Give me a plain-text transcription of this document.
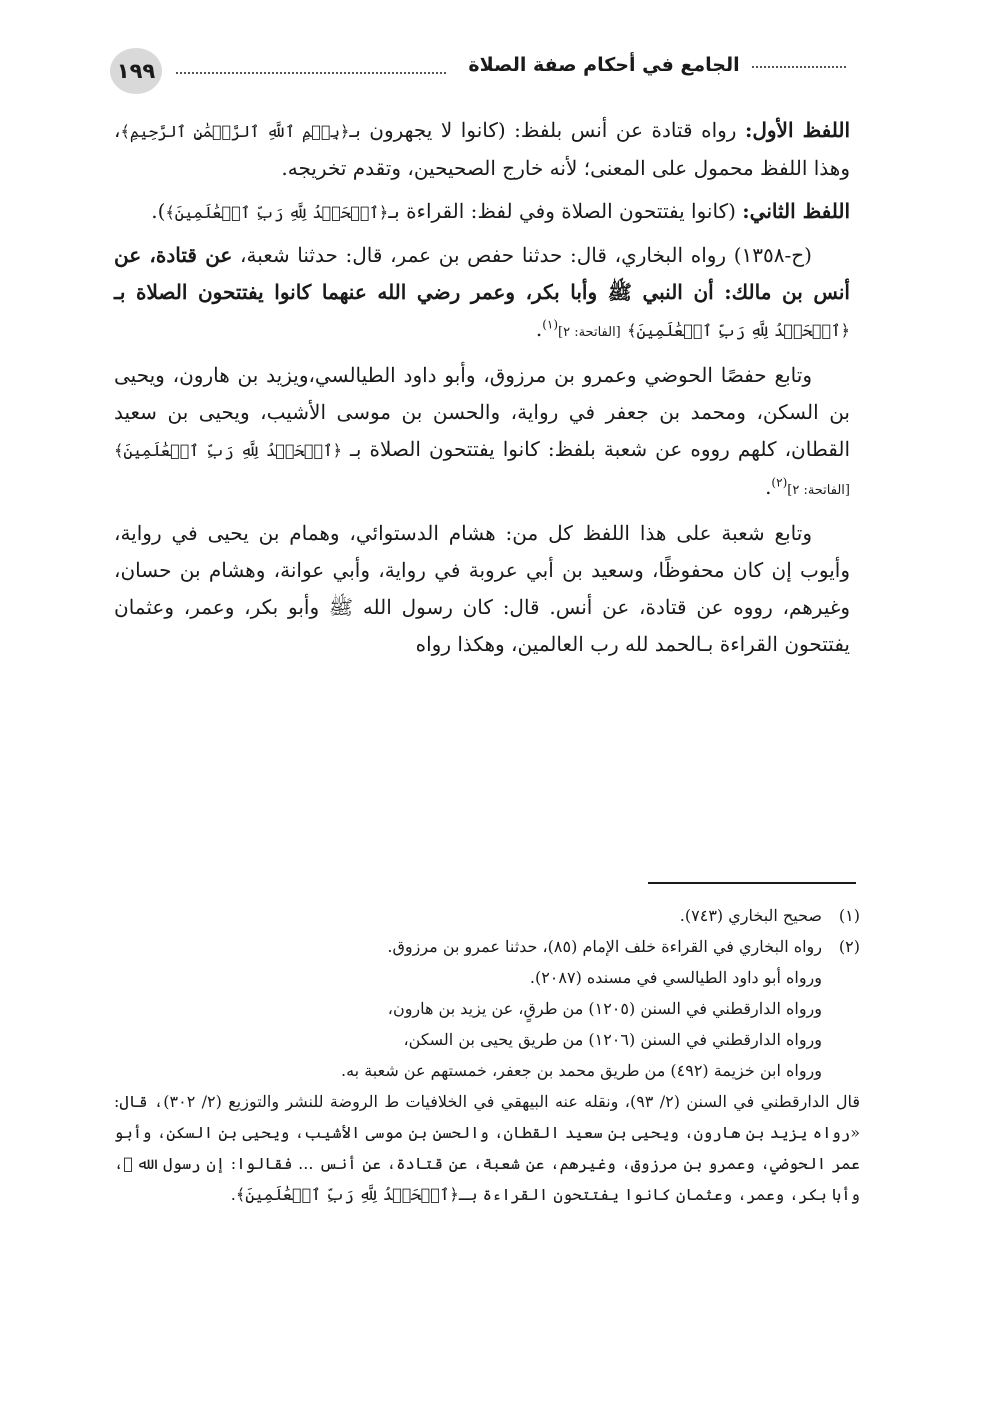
١٩٩	الجامع في أحكام صفة الصلاة

اللفظ الأول: رواه قتادة عن أنس بلفظ: (كانوا لا يجهرون بـ﴿بِسۡمِ ٱللَّهِ ٱلرَّحۡمَٰنِ ٱلرَّحِيمِ﴾، وهذا اللفظ محمول على المعنى؛ لأنه خارج الصحيحين، وتقدم تخريجه.

اللفظ الثاني: (كانوا يفتتحون الصلاة وفي لفظ: القراءة بـ﴿ٱلۡحَمۡدُ لِلَّهِ رَبِّ ٱلۡعَٰلَمِينَ﴾).

(ح-١٣٥٨) رواه البخاري، قال: حدثنا حفص بن عمر، قال: حدثنا شعبة، عن قتادة، عن أنس بن مالك: أن النبي ﷺ وأبا بكر، وعمر رضي الله عنهما كانوا يفتتحون الصلاة بـ ﴿ٱلۡحَمۡدُ لِلَّهِ رَبِّ ٱلۡعَٰلَمِينَ﴾ [الفاتحة: ٢]$^{(١)}$.

وتابع حفصًا الحوضي وعمرو بن مرزوق، وأبو داود الطيالسي،ويزيد بن هارون، ويحيى بن السكن، ومحمد بن جعفر في رواية، والحسن بن موسى الأشيب، ويحيى بن سعيد القطان، كلهم رووه عن شعبة بلفظ: كانوا يفتتحون الصلاة بـ ﴿ٱلۡحَمۡدُ لِلَّهِ رَبِّ ٱلۡعَٰلَمِينَ﴾ [الفاتحة: ٢]$^{(٢)}$.

وتابع شعبة على هذا اللفظ كل من: هشام الدستوائي، وهمام بن يحيى في رواية، وأيوب إن كان محفوظًا، وسعيد بن أبي عروبة في رواية، وأبي عوانة، وهشام بن حسان، وغيرهم، رووه عن قتادة، عن أنس. قال: كان رسول الله ﷺ وأبو بكر، وعمر، وعثمان يفتتحون القراءة بـالحمد لله رب العالمين، وهكذا رواه

(١)
صحيح البخاري (٧٤٣).
(٢)
رواه البخاري في القراءة خلف الإمام (٨٥)، حدثنا عمرو بن مرزوق.
ورواه أبو داود الطيالسي في مسنده (٢٠٨٧).
ورواه الدارقطني في السنن (١٢٠٥) من طرقٍ، عن يزيد بن هارون،
ورواه الدارقطني في السنن (١٢٠٦) من طريق يحيى بن السكن،
ورواه ابن خزيمة (٤٩٢) من طريق محمد بن جعفر، خمستهم عن شعبة به.
قال الدارقطني في السنن (٢/ ٩٣)، ونقله عنه البيهقي في الخلافيات ط الروضة للنشر والتوزيع (٢/ ٣٠٢)، قال: «رواه يزيد بن هارون، ويحيى بن سعيد القطان، والحسن بن موسى الأشيب، ويحيى بن السكن، وأبو عمر الحوضي، وعمرو بن مرزوق، وغيرهم، عن شعبة، عن قتادة، عن أنس ... فقالوا: إن رسول الله ﷺ، وأبا بكر، وعمر، وعثمان كانوا يفتتحون القراءة بـ﴿ٱلۡحَمۡدُ لِلَّهِ رَبِّ ٱلۡعَٰلَمِينَ﴾.
